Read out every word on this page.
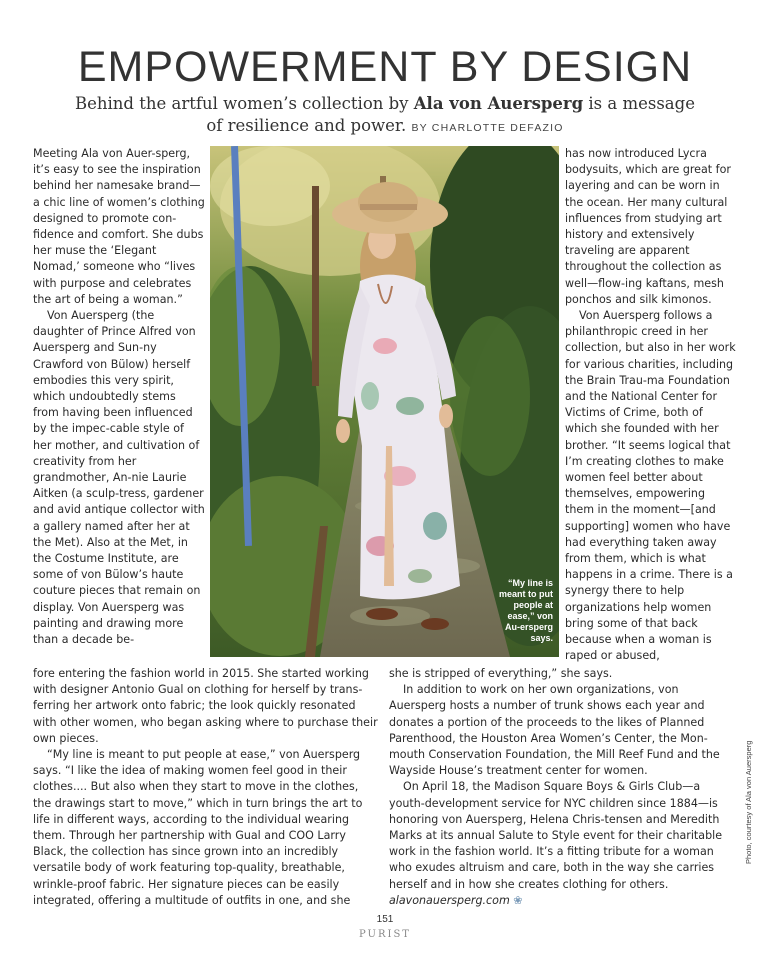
EMPOWERMENT BY DESIGN
Behind the artful women’s collection by Ala von Auersperg is a message of resilience and power. BY CHARLOTTE DEFAZIO

Meeting Ala von Auer-sperg, it’s easy to see the inspiration behind her namesake brand—a chic line of women’s clothing designed to promote con-fidence and comfort. She dubs her muse the ‘Elegant Nomad,’ someone who “lives with purpose and celebrates the art of being a woman.”

Von Auersperg (the daughter of Prince Alfred von Auersperg and Sun-ny Crawford von Bülow) herself embodies this very spirit, which undoubtedly stems from having been influenced by the impec-cable style of her mother, and cultivation of creativity from her grandmother, An-nie Laurie Aitken (a sculp-tress, gardener and avid antique collector with a gallery named after her at the Met). Also at the Met, in the Costume Institute, are some of von Bülow’s haute couture pieces that remain on display. Von Auersperg was painting and drawing more than a decade be-

“My line is meant to put people at ease,” von Au-ersperg says.

has now introduced Lycra bodysuits, which are great for layering and can be worn in the ocean. Her many cultural influences from studying art history and extensively traveling are apparent throughout the collection as well—flow-ing kaftans, mesh ponchos and silk kimonos.

Von Auersperg follows a philanthropic creed in her collection, but also in her work for various charities, including the Brain Trau-ma Foundation and the National Center for Victims of Crime, both of which she founded with her brother. “It seems logical that I’m creating clothes to make women feel better about themselves, empowering them in the moment—[and supporting] women who have had everything taken away from them, which is what happens in a crime. There is a synergy there to help organizations help women bring some of that back because when a woman is raped or abused,

fore entering the fashion world in 2015. She started working with designer Antonio Gual on clothing for herself by trans-ferring her artwork onto fabric; the look quickly resonated with other women, who began asking where to purchase their own pieces.

“My line is meant to put people at ease,” von Auersperg says. “I like the idea of making women feel good in their clothes.... But also when they start to move in the clothes, the drawings start to move,” which in turn brings the art to life in different ways, according to the individual wearing them. Through her partnership with Gual and COO Larry Black, the collection has since grown into an incredibly versatile body of work featuring top-quality, breathable, wrinkle-proof fabric. Her signature pieces can be easily integrated, offering a multitude of outfits in one, and she

she is stripped of everything,” she says.

In addition to work on her own organizations, von Auersperg hosts a number of trunk shows each year and donates a portion of the proceeds to the likes of Planned Parenthood, the Houston Area Women’s Center, the Mon-mouth Conservation Foundation, the Mill Reef Fund and the Wayside House’s treatment center for women.

On April 18, the Madison Square Boys & Girls Club—a youth-development service for NYC children since 1884—is honoring von Auersperg, Helena Chris-tensen and Meredith Marks at its annual Salute to Style event for their charitable work in the fashion world. It’s a fitting tribute for a woman who exudes altruism and care, both in the way she carries herself and in how she creates clothing for others. alavonauersperg.com ❀

Photo, courtesy of Ala von Auersperg
151
PURIST
